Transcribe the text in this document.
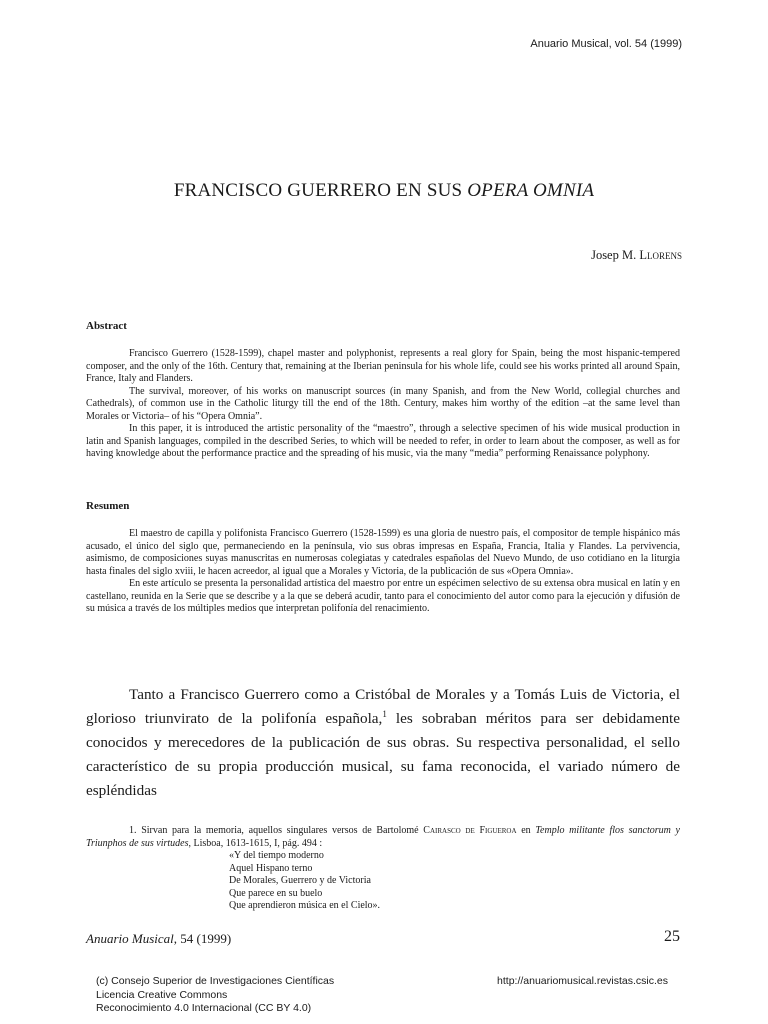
Anuario Musical, vol. 54 (1999)
FRANCISCO GUERRERO EN SUS OPERA OMNIA
Josep M. Llorens
Abstract

Francisco Guerrero (1528-1599), chapel master and polyphonist, represents a real glory for Spain, being the most hispanic-tempered composer, and the only of the 16th. Century that, remaining at the Iberian peninsula for his whole life, could see his works printed all around Spain, France, Italy and Flanders.

The survival, moreover, of his works on manuscript sources (in many Spanish, and from the New World, collegial churches and Cathedrals), of common use in the Catholic liturgy till the end of the 18th. Century, makes him worthy of the edition –at the same level than Morales or Victoria– of his “Opera Omnia”.

In this paper, it is introduced the artistic personality of the “maestro”, through a selective specimen of his wide musical production in latin and Spanish languages, compiled in the described Series, to which will be needed to refer, in order to learn about the composer, as well as for having knowledge about the performance practice and the spreading of his music, via the many “media” performing Renaissance polyphony.

Resumen

El maestro de capilla y polifonista Francisco Guerrero (1528-1599) es una gloria de nuestro país, el compositor de temple hispánico más acusado, el único del siglo que, permaneciendo en la península, vio sus obras impresas en España, Francia, Italia y Flandes. La pervivencia, asimismo, de composiciones suyas manuscritas en numerosas colegiatas y catedrales españolas del Nuevo Mundo, de uso cotidiano en la liturgia hasta finales del siglo xviii, le hacen acreedor, al igual que a Morales y Victoria, de la publicación de sus «Opera Omnia».

En este artículo se presenta la personalidad artística del maestro por entre un espécimen selectivo de su extensa obra musical en latín y en castellano, reunida en la Serie que se describe y a la que se deberá acudir, tanto para el conocimiento del autor como para la ejecución y difusión de su música a través de los múltiples medios que interpretan polifonía del renacimiento.

Tanto a Francisco Guerrero como a Cristóbal de Morales y a Tomás Luis de Victoria, el glorioso triunvirato de la polifonía española,$^1$ les sobraban méritos para ser debidamente conocidos y merecedores de la publicación de sus obras. Su respectiva personalidad, el sello característico de su propia producción musical, su fama reconocida, el variado número de espléndidas

1. Sirvan para la memoria, aquellos singulares versos de Bartolomé Cairasco de Figueroa en Templo militante flos sanctorum y Triunphos de sus virtudes, Lisboa, 1613-1615, I, pág. 494 :

«Y del tiempo moderno
Aquel Hispano terno
De Morales, Guerrero y de Victoria
Que parece en su buelo
Que aprendieron música en el Cielo».
Anuario Musical, 54 (1999)	25
(c) Consejo Superior de Investigaciones Científicas
Licencia Creative Commons
Reconocimiento 4.0 Internacional (CC BY 4.0)
http://anuariomusical.revistas.csic.es
